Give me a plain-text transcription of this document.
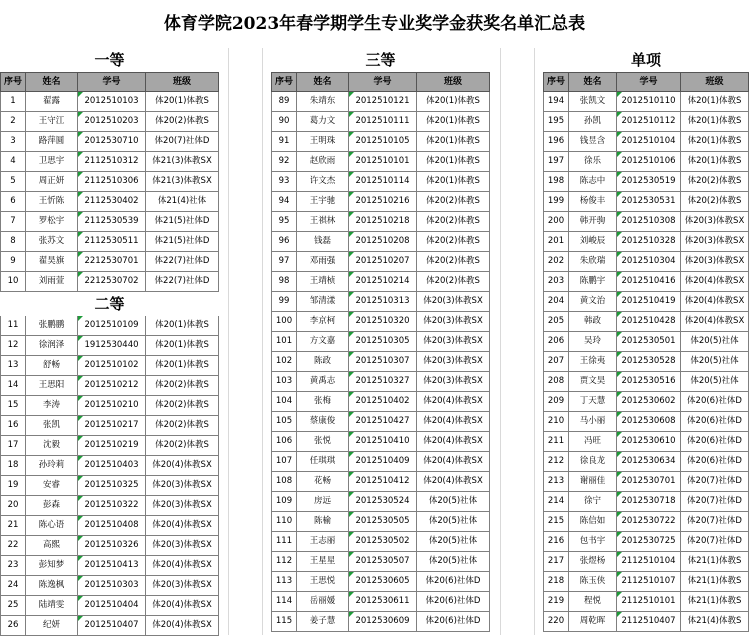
体育学院2023年春学期学生专业奖学金获奖名单汇总表
一等
序号	姓名	学号	班级
1	翟露	2012510103	体20(1)体教S
2	王守江	2012510203	体20(2)体教S
3	路萍圆	2012530710	体20(7)社体D
4	卫思宇	2112510312	体21(3)体教SX
5	周正妍	2112510306	体21(3)体教SX
6	王忻陈	2112530402	体21(4)社体
7	罗松宇	2112530539	体21(5)社体D
8	张苏文	2112530511	体21(5)社体D
9	翟昊旗	2212530701	体22(7)社体D
10	刘雨萱	2212530702	体22(7)社体D
二等
11	张鹏鹏	2012510109	体20(1)体教S
12	徐润泽	1912530440	体20(1)体教S
13	舒畅	2012510102	体20(1)体教S
14	王思阳	2012510212	体20(2)体教S
15	李涛	2012510210	体20(2)体教S
16	张凯	2012510217	体20(2)体教S
17	沈毅	2012510219	体20(2)体教S
18	孙玲莉	2012510403	体20(4)体教SX
19	安睿	2012510325	体20(3)体教SX
20	彭森	2012510322	体20(3)体教SX
21	陈心语	2012510408	体20(4)体教SX
22	高熙	2012510326	体20(3)体教SX
23	彭知梦	2012510413	体20(4)体教SX
24	陈逸枫	2012510303	体20(3)体教SX
25	陆靖雯	2012510404	体20(4)体教SX
26	纪妍	2012510407	体20(4)体教SX
三等
序号	姓名	学号	班级
89	朱靖东	2012510121	体20(1)体教S
90	葛力文	2012510111	体20(1)体教S
91	王明珠	2012510105	体20(1)体教S
92	赵欣雨	2012510101	体20(1)体教S
93	许文杰	2012510114	体20(1)体教S
94	王宇驰	2012510216	体20(2)体教S
95	王祺林	2012510218	体20(2)体教S
96	钱磊	2012510208	体20(2)体教S
97	邓雨强	2012510207	体20(2)体教S
98	王靖桢	2012510214	体20(2)体教S
99	邹清漾	2012510313	体20(3)体教SX
100	李京柯	2012510320	体20(3)体教SX
101	方文嘉	2012510305	体20(3)体教SX
102	陈政	2012510307	体20(3)体教SX
103	黄禹志	2012510327	体20(3)体教SX
104	张梅	2012510402	体20(4)体教SX
105	蔡康俊	2012510427	体20(4)体教SX
106	张悦	2012510410	体20(4)体教SX
107	任琪琪	2012510409	体20(4)体教SX
108	花畅	2012510412	体20(4)体教SX
109	房远	2012530524	体20(5)社体
110	陈榆	2012530505	体20(5)社体
111	王志丽	2012530502	体20(5)社体
112	王星星	2012530507	体20(5)社体
113	王思悦	2012530605	体20(6)社体D
114	岳丽媛	2012530611	体20(6)社体D
115	姜子慧	2012530609	体20(6)社体D
单项
序号	姓名	学号	班级
194	张凯文	2012510110	体20(1)体教S
195	孙凯	2012510112	体20(1)体教S
196	钱昱含	2012510104	体20(1)体教S
197	徐乐	2012510106	体20(1)体教S
198	陈志中	2012530519	体20(2)体教S
199	杨俊丰	2012530531	体20(2)体教S
200	韩开驹	2012510308	体20(3)体教SX
201	刘峻辰	2012510328	体20(3)体教SX
202	朱欣瑞	2012510304	体20(3)体教SX
203	陈鹏宇	2012510416	体20(4)体教SX
204	黄文治	2012510419	体20(4)体教SX
205	韩政	2012510428	体20(4)体教SX
206	吴玲	2012530501	体20(5)社体
207	王徐夷	2012530528	体20(5)社体
208	贾文昊	2012530516	体20(5)社体
209	丁天慧	2012530602	体20(6)社体D
210	马小丽	2012530608	体20(6)社体D
211	冯旺	2012530610	体20(6)社体D
212	徐良龙	2012530634	体20(6)社体D
213	谢丽佳	2012530701	体20(7)社体D
214	徐宁	2012530718	体20(7)社体D
215	陈信如	2012530722	体20(7)社体D
216	包书宇	2012530725	体20(7)社体D
217	张煜杨	2112510104	体21(1)体教S
218	陈玉侠	2112510107	体21(1)体教S
219	程悦	2112510101	体21(1)体教S
220	周乾晖	2112510407	体21(4)体教S
